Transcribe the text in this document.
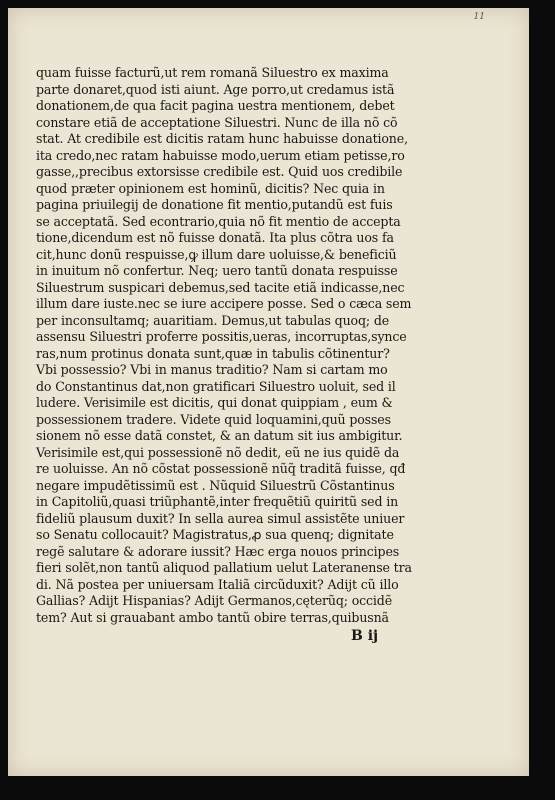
11
quam fuisse facturũ,ut rem romanã Siluestro ex maxima
parte donaret,quod isti aiunt. Age porro,ut credamus istã
donationem,de qua facit pagina uestra mentionem, debet
constare etiã de acceptatione Siluestri. Nunc de illa nõ cõ
stat. At credibile est dicitis ratam hunc habuisse donatione,
ita credo,nec ratam habuisse modo,uerum etiam petisse,ro
gasse,,precibus extorsisse credibile est. Quid uos credibile
quod præter opinionem est hominũ, dicitis? Nec quia in
pagina priuilegij de donatione fit mentio,putandũ est fuis
se acceptatã. Sed econtrario,quia nõ fit mentio de accepta
tione,dicendum est nõ fuisse donatã. Ita plus cõtra uos fa
cit,hunc donũ respuisse,ꝙ illum dare uoluisse,& beneficiũ
in inuitum nõ confertur. Neq; uero tantũ donata respuisse
Siluestrum suspicari debemus,sed tacite etiã indicasse,nec
illum dare iuste.nec se iure accipere posse. Sed o cæca sem
per inconsultamq; auaritiam. Demus,ut tabulas quoq; de
assensu Siluestri proferre possitis,ueras, incorruptas,synce
ras,num protinus donata sunt,quæ in tabulis cõtinentur?
Vbi possessio? Vbi in manus traditio? Nam si cartam mo
do Constantinus dat,non gratificari Siluestro uoluit, sed il
ludere. Verisimile est dicitis, qui donat quippiam , eum &
possessionem tradere. Videte quid loquamini,quũ posses
sionem nõ esse datã constet, & an datum sit ius ambigitur.
Verisimile est,qui possessionẽ nõ dedit, eũ ne ius quidẽ da
re uoluisse. An nõ cõstat possessionẽ nũq̃ traditã fuisse, qđ
negare impudẽtissimũ est . Nũquid Siluestrũ Cõstantinus
in Capitoliũ,quasi triũphantẽ,inter frequẽtiũ quiritũ sed in
fideliũ plausum duxit? In sella aurea simul assistẽte uniuer
so Senatu collocauit? Magistratus,ꝓ sua quenq; dignitate
regẽ salutare & adorare iussit? Hæc erga nouos principes
fieri solẽt,non tantũ aliquod pallatium uelut Lateranense tra
di. Nã postea per uniuersam Italiã circũduxit? Adijt cũ illo
Gallias? Adijt Hispanias? Adijt Germanos,cęterũq; occidẽ
tem? Aut si grauabant ambo tantũ obire terras,quibusnã
B ij
